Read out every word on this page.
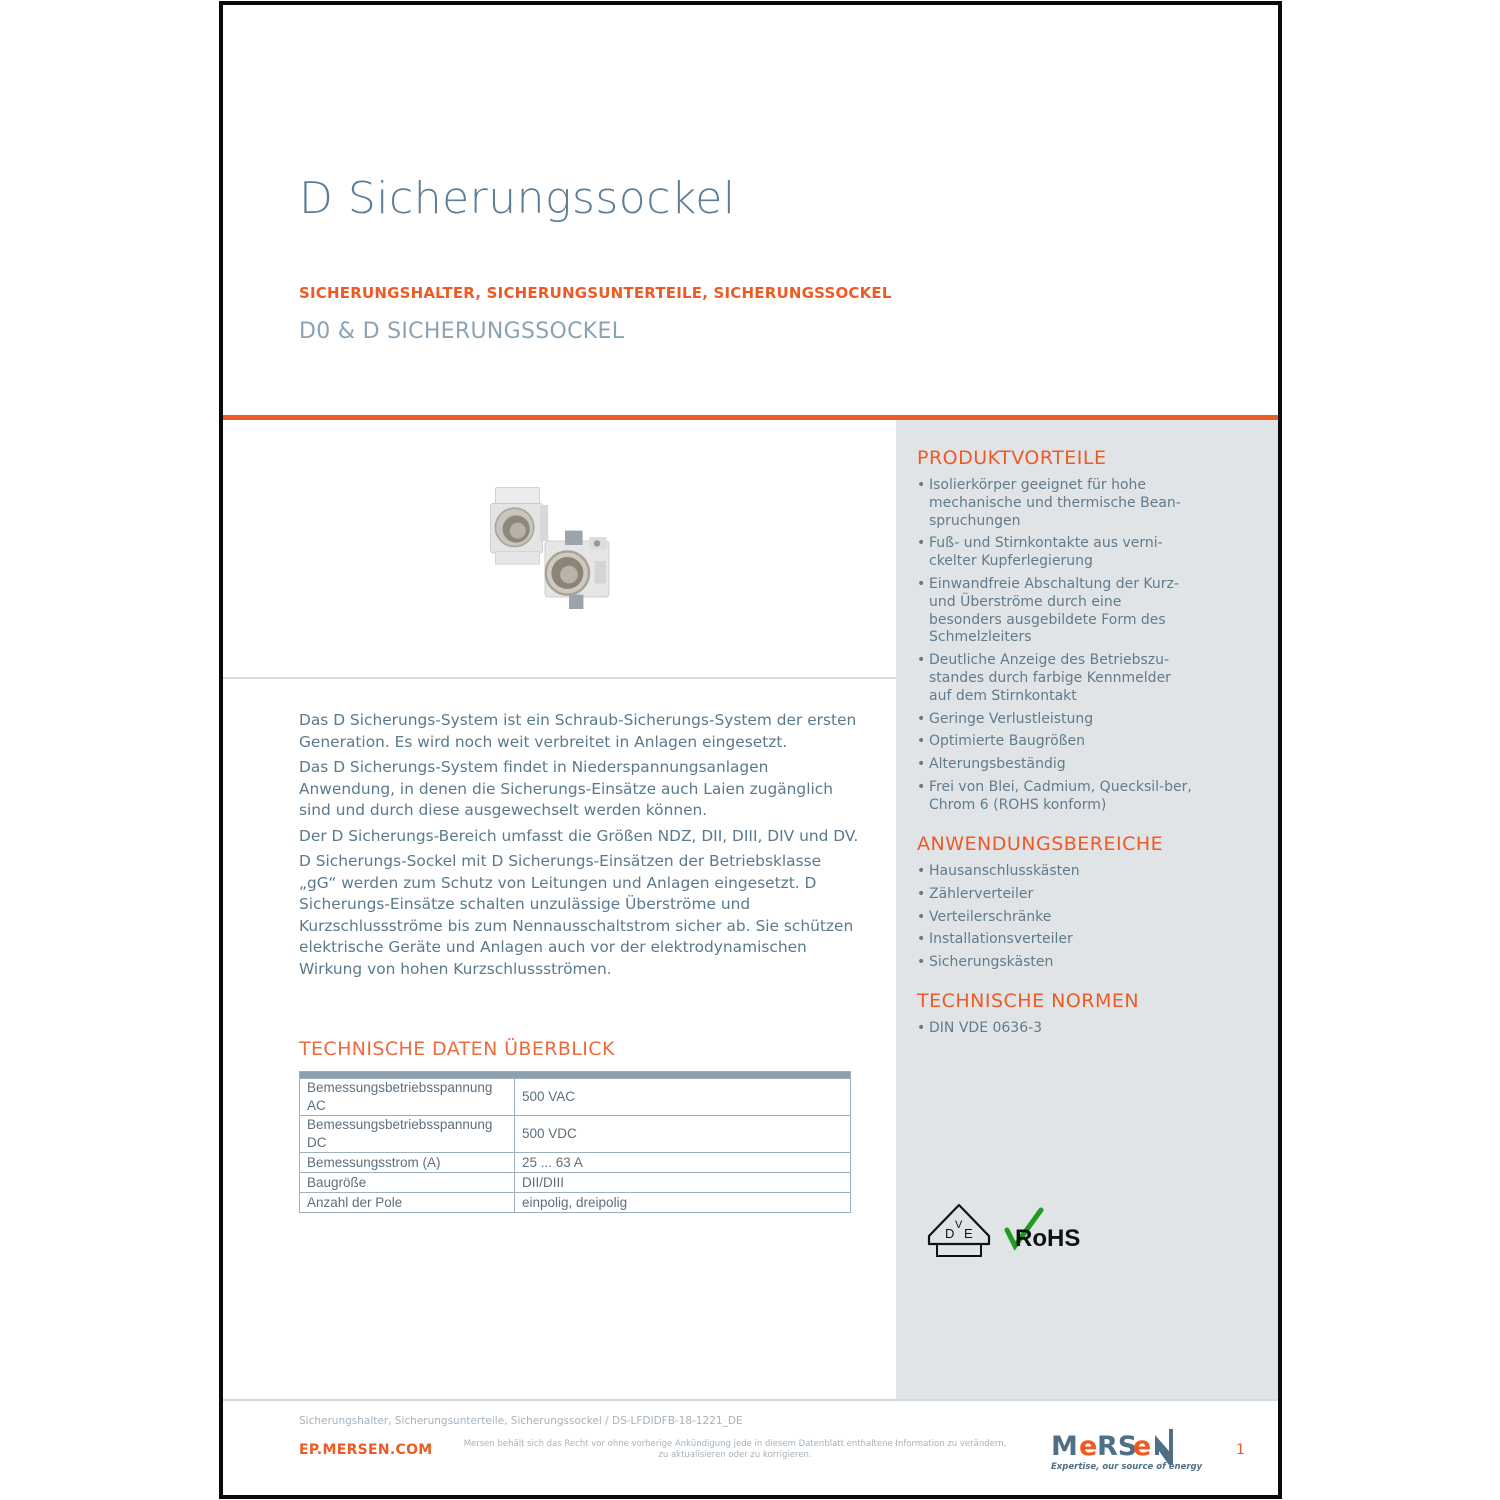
D Sicherungssockel
SICHERUNGSHALTER, SICHERUNGSUNTERTEILE, SICHERUNGSSOCKEL
D0 & D SICHERUNGSSOCKEL

Das D Sicherungs-System ist ein Schraub-Sicherungs-System der ersten Generation. Es wird noch weit verbreitet in Anlagen eingesetzt.

Das D Sicherungs-System findet in Niederspannungsanlagen Anwendung, in denen die Sicherungs-Einsätze auch Laien zugänglich sind und durch diese ausgewechselt werden können.

Der D Sicherungs-Bereich umfasst die Größen NDZ, DII, DIII, DIV und DV.

D Sicherungs-Sockel mit D Sicherungs-Einsätzen der Betriebsklasse „gG“ werden zum Schutz von Leitungen und Anlagen eingesetzt. D Sicherungs-Einsätze schalten unzulässige Überströme und Kurzschlussströme bis zum Nennausschaltstrom sicher ab. Sie schützen elektrische Geräte und Anlagen auch vor der elektrodynamischen Wirkung von hohen Kurzschlussströmen.

TECHNISCHE DATEN ÜBERBLICK

Bemessungsbetriebsspannung AC	500 VAC
Bemessungsbetriebsspannung DC	500 VDC
Bemessungsstrom (A)	25 ... 63 A
Baugröße	DII/DIII
Anzahl der Pole	einpolig, dreipolig
PRODUKTVORTEILE
• Isolierkörper geeignet für hohe mechanische und thermische Bean-spruchungen
• Fuß- und Stirnkontakte aus verni-ckelter Kupferlegierung
• Einwandfreie Abschaltung der Kurz- und Überströme durch eine besonders ausgebildete Form des Schmelzleiters
• Deutliche Anzeige des Betriebszu-standes durch farbige Kennmelder auf dem Stirnkontakt
• Geringe Verlustleistung
• Optimierte Baugrößen
• Alterungsbeständig
• Frei von Blei, Cadmium, Quecksil-ber, Chrom 6 (ROHS konform)
ANWENDUNGSBEREICHE
• Hausanschlusskästen
• Zählerverteiler
• Verteilerschränke
• Installationsverteiler
• Sicherungskästen
TECHNISCHE NORMEN
• DIN VDE 0636-3
D
V
E RoHS
Sicherungshalter, Sicherungsunterteile, Sicherungssockel / DS-LFDIDFB-18-1221_DE
EP.MERSEN.COM	Mersen behält sich das Recht vor ohne vorherige Ankündigung jede in diesem Datenblatt enthaltene Information zu verändern,
zu aktualisieren oder zu korrigieren.	M e RS
e
Expertise, our source of energy
1
